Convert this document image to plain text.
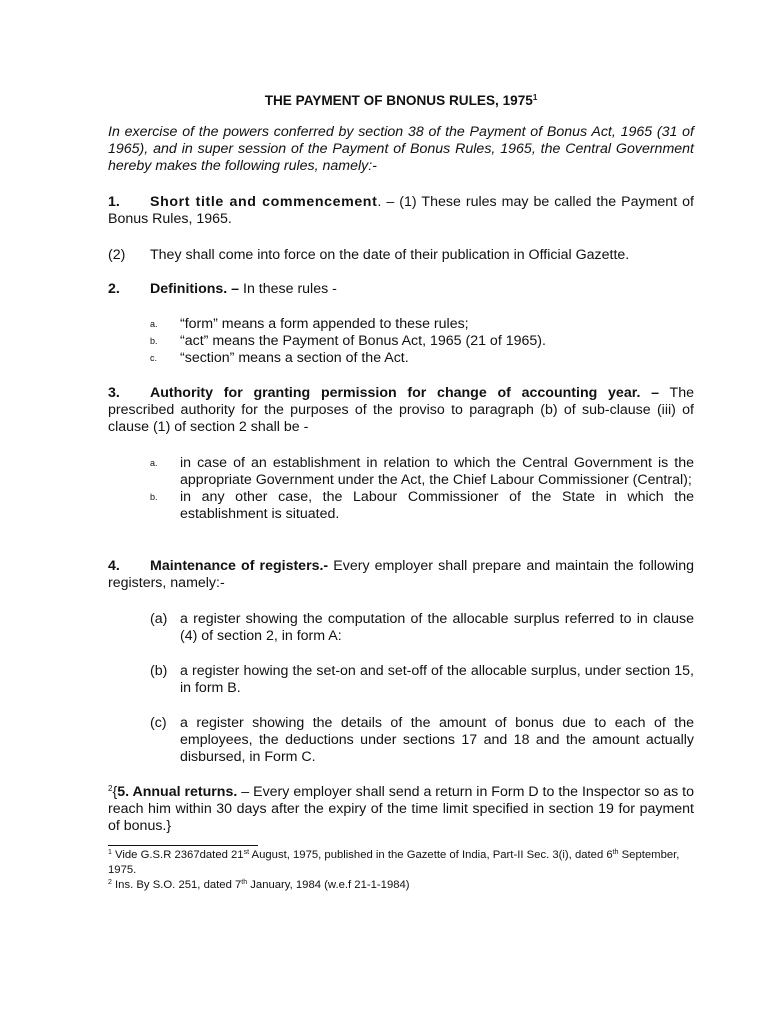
THE PAYMENT OF BNONUS RULES, 1975$^1$
In exercise of the powers conferred by section 38 of the Payment of Bonus Act, 1965 (31 of 1965), and in super session of the Payment of Bonus Rules, 1965, the Central Government hereby makes the following rules, namely:-
1. Short title and commencement. – (1) These rules may be called the Payment of Bonus Rules, 1965.
(2) They shall come into force on the date of their publication in Official Gazette.
2. Definitions. – In these rules -
a.	“form” means a form appended to these rules;
b.	“act” means the Payment of Bonus Act, 1965 (21 of 1965).
c.	“section” means a section of the Act.
3. Authority for granting permission for change of accounting year. – The prescribed authority for the purposes of the proviso to paragraph (b) of sub-clause (iii) of clause (1) of section 2 shall be -
a.	in case of an establishment in relation to which the Central Government is the appropriate Government under the Act, the Chief Labour Commissioner (Central);
b.	in any other case, the Labour Commissioner of the State in which the establishment is situated.
4. Maintenance of registers.- Every employer shall prepare and maintain the following registers, namely:-
(a) a register showing the computation of the allocable surplus referred to in clause (4) of section 2, in form A:
(b) a register howing the set-on and set-off of the allocable surplus, under section 15, in form B.
(c) a register showing the details of the amount of bonus due to each of the employees, the deductions under sections 17 and 18 and the amount actually disbursed, in Form C.
$^2${5. Annual returns. – Every employer shall send a return in Form D to the Inspector so as to reach him within 30 days after the expiry of the time limit specified in section 19 for payment of bonus.}
$^1$ Vide G.S.R 2367dated 21st August, 1975, published in the Gazette of India, Part-II Sec. 3(i), dated 6th September, 1975.
$^2$ Ins. By S.O. 251, dated 7th January, 1984 (w.e.f 21-1-1984)
